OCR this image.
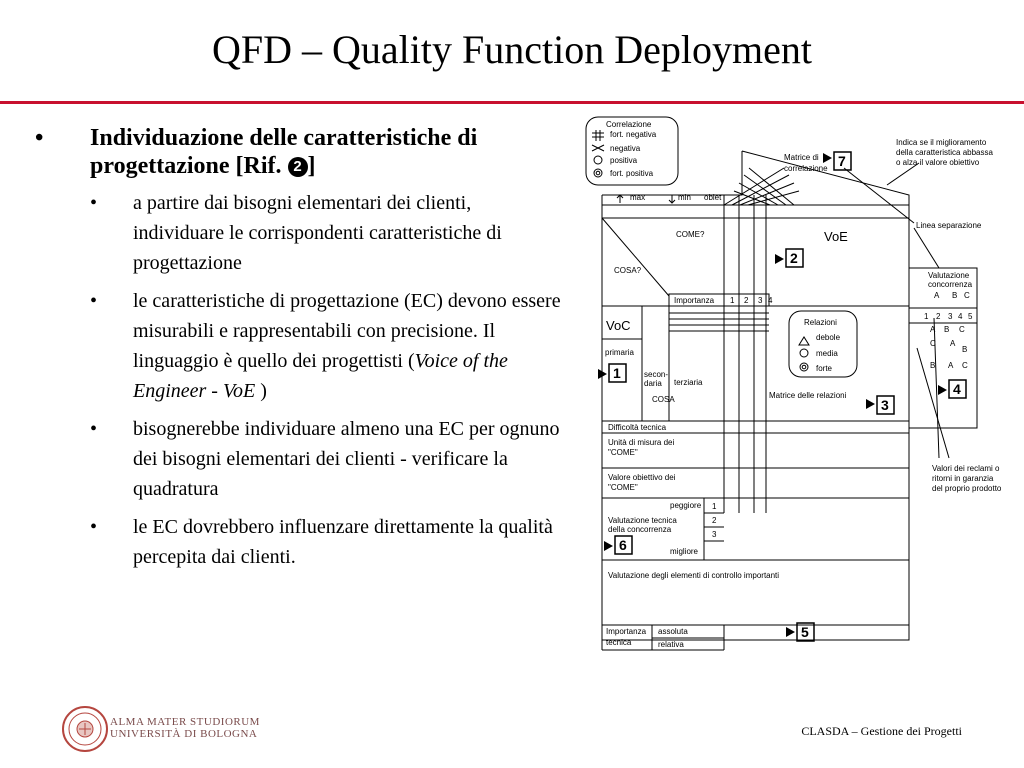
QFD – Quality Function Deployment
•	Individuazione delle caratteristiche di progettazione [Rif. 2 ]
•	a partire dai bisogni elementari dei clienti, individuare le corrispondenti caratteristiche di progettazione
•	le caratteristiche di progettazione (EC) devono essere misurabili e rappresentabili con precisione. Il linguaggio è quello dei progettisti (Voice of the Engineer - VoE )
•	bisognerebbe individuare almeno una EC per ognuno dei bisogni elementari dei clienti - verificare la quadratura
•	le EC dovrebbero influenzare direttamente la qualità percepita dai clienti.
7
2
1
3
4
6
5
Correlazione
fort. negativa
negativa
positiva
fort. positiva
Matrice di
correlazione
Indica se il miglioramento
della caratteristica abbassa
o alza il valore obiettivo
max	min obiet
COME?	VoE
COSA?
Linea separazione
Valutazione
concorrenza
A B C
Importanza 1 2 3 4
1 2 3 4 5
A B C
C A
B
B A C
VoC
primaria
secon-
daria terziaria
COSA
Relazioni
debole
media
forte
Matrice delle relazioni
Valori dei reclami o
ritorni in garanzia
del proprio prodotto
Difficoltà tecnica
Unità di misura dei
"COME"
Valore obiettivo dei
"COME"
Valutazione tecnica
della concorrenza
peggiore
migliore
1
2
3
Valutazione degli elementi di controllo importanti
Importanza
tecnica
assoluta
relativa
ALMA MATER STUDIORUM
UNIVERSITÀ DI BOLOGNA	CLASDA – Gestione dei Progetti
